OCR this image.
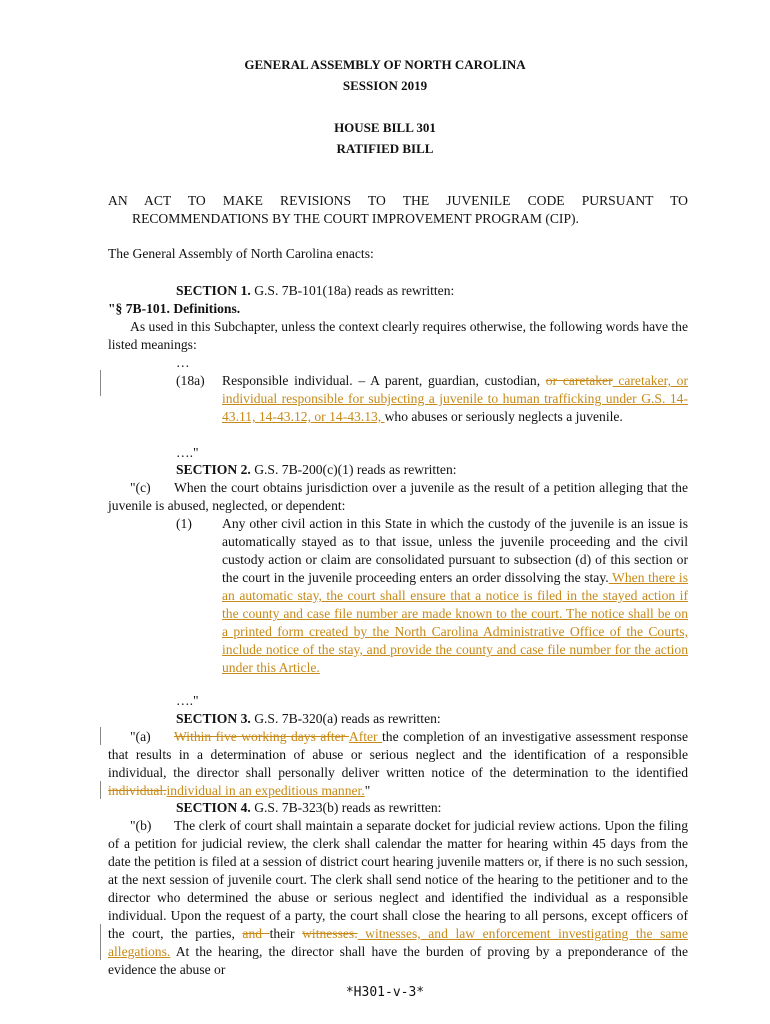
GENERAL ASSEMBLY OF NORTH CAROLINA
SESSION 2019
HOUSE BILL 301
RATIFIED BILL
AN ACT TO MAKE REVISIONS TO THE JUVENILE CODE PURSUANT TO
RECOMMENDATIONS BY THE COURT IMPROVEMENT PROGRAM (CIP).
The General Assembly of North Carolina enacts:
SECTION 1. G.S. 7B-101(18a) reads as rewritten:
"§ 7B-101. Definitions.
As used in this Subchapter, unless the context clearly requires otherwise, the following words have the listed meanings:
…
(18a) Responsible individual. – A parent, guardian, custodian, or caretaker caretaker, or individual responsible for subjecting a juvenile to human trafficking under G.S. 14-43.11, 14-43.12, or 14-43.13, who abuses or seriously neglects a juvenile.
…."
SECTION 2. G.S. 7B-200(c)(1) reads as rewritten:
"(c) When the court obtains jurisdiction over a juvenile as the result of a petition alleging that the juvenile is abused, neglected, or dependent:
(1) Any other civil action in this State in which the custody of the juvenile is an issue is automatically stayed as to that issue, unless the juvenile proceeding and the civil custody action or claim are consolidated pursuant to subsection (d) of this section or the court in the juvenile proceeding enters an order dissolving the stay. When there is an automatic stay, the court shall ensure that a notice is filed in the stayed action if the county and case file number are made known to the court. The notice shall be on a printed form created by the North Carolina Administrative Office of the Courts, include notice of the stay, and provide the county and case file number for the action under this Article.
…."
SECTION 3. G.S. 7B-320(a) reads as rewritten:
"(a) Within five working days after After the completion of an investigative assessment response that results in a determination of abuse or serious neglect and the identification of a responsible individual, the director shall personally deliver written notice of the determination to the identified individual.individual in an expeditious manner."
SECTION 4. G.S. 7B-323(b) reads as rewritten:
"(b) The clerk of court shall maintain a separate docket for judicial review actions. Upon the filing of a petition for judicial review, the clerk shall calendar the matter for hearing within 45 days from the date the petition is filed at a session of district court hearing juvenile matters or, if there is no such session, at the next session of juvenile court. The clerk shall send notice of the hearing to the petitioner and to the director who determined the abuse or serious neglect and identified the individual as a responsible individual. Upon the request of a party, the court shall close the hearing to all persons, except officers of the court, the parties, and their witnesses. witnesses, and law enforcement investigating the same allegations. At the hearing, the director shall have the burden of proving by a preponderance of the evidence the abuse or
*H301-v-3*
